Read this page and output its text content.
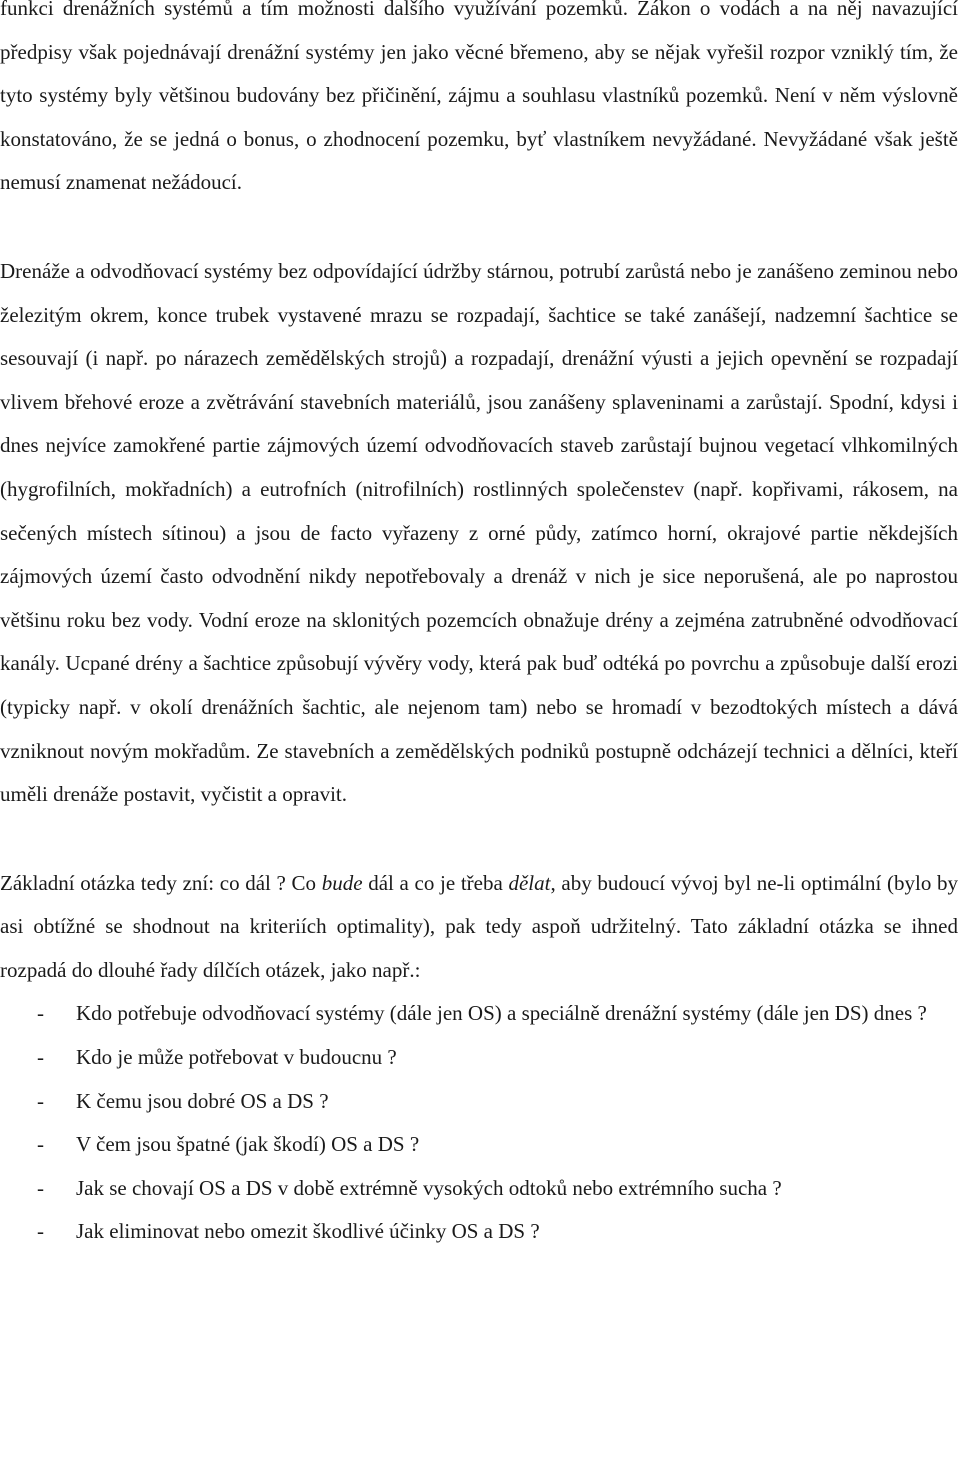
funkci drenážních systémů a tím možnosti dalšího využívání pozemků. Zákon o vodách a na něj navazující předpisy však pojednávají drenážní systémy jen jako věcné břemeno, aby se nějak vyřešil rozpor vzniklý tím, že tyto systémy byly většinou budovány bez přičinění, zájmu a souhlasu vlastníků pozemků. Není v něm výslovně konstatováno, že se jedná o bonus, o zhodnocení pozemku, byť vlastníkem nevyžádané. Nevyžádané však ještě nemusí znamenat nežádoucí.

Drenáže a odvodňovací systémy bez odpovídající údržby stárnou, potrubí zarůstá nebo je zanášeno zeminou nebo železitým okrem, konce trubek vystavené mrazu se rozpadají, šachtice se také zanášejí, nadzemní šachtice se sesouvají (i např. po nárazech zemědělských strojů) a rozpadají, drenážní výusti a jejich opevnění se rozpadají vlivem břehové eroze a zvětrávání stavebních materiálů, jsou zanášeny splaveninami a zarůstají. Spodní, kdysi i dnes nejvíce zamokřené partie zájmových území odvodňovacích staveb zarůstají bujnou vegetací vlhkomilných (hygrofilních, mokřadních) a eutrofních (nitrofilních) rostlinných společenstev (např. kopřivami, rákosem, na sečených místech sítinou) a jsou de facto vyřazeny z orné půdy, zatímco horní, okrajové partie někdejších zájmových území často odvodnění nikdy nepotřebovaly a drenáž v nich je sice neporušená, ale po naprostou většinu roku bez vody. Vodní eroze na sklonitých pozemcích obnažuje drény a zejména zatrubněné odvodňovací kanály. Ucpané drény a šachtice způsobují vývěry vody, která pak buď odtéká po povrchu a způsobuje další erozi (typicky např. v okolí drenážních šachtic, ale nejenom tam) nebo se hromadí v bezodtokých místech a dává vzniknout novým mokřadům. Ze stavebních a zemědělských podniků postupně odcházejí technici a dělníci, kteří uměli drenáže postavit, vyčistit a opravit.

Základní otázka tedy zní: co dál ? Co bude dál a co je třeba dělat, aby budoucí vývoj byl ne-li optimální (bylo by asi obtížné se shodnout na kriteriích optimality), pak tedy aspoň udržitelný. Tato základní otázka se ihned rozpadá do dlouhé řady dílčích otázek, jako např.:

- Kdo potřebuje odvodňovací systémy (dále jen OS) a speciálně drenážní systémy (dále jen DS) dnes ?
- Kdo je může potřebovat v budoucnu ?
- K čemu jsou dobré OS a DS ?
- V čem jsou špatné (jak škodí) OS a DS ?
- Jak se chovají OS a DS v době extrémně vysokých odtoků nebo extrémního sucha ?
- Jak eliminovat nebo omezit škodlivé účinky OS a DS ?
